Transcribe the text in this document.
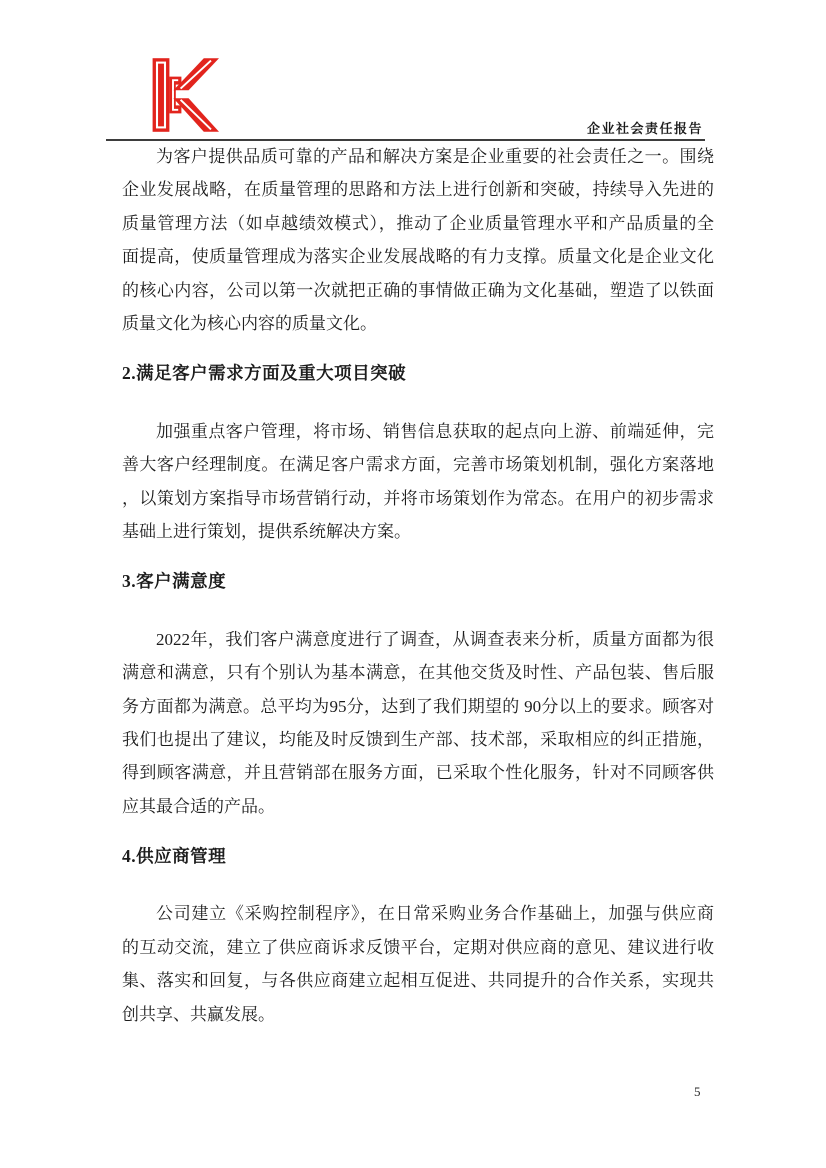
企业社会责任报告
为客户提供品质可靠的产品和解决方案是企业重要的社会责任之一。围绕
企业发展战略，在质量管理的思路和方法上进行创新和突破，持续导入先进的
质量管理方法（如卓越绩效模式），推动了企业质量管理水平和产品质量的全
面提高，使质量管理成为落实企业发展战略的有力支撑。质量文化是企业文化
的核心内容，公司以第一次就把正确的事情做正确为文化基础，塑造了以铁面
质量文化为核心内容的质量文化。
2.满足客户需求方面及重大项目突破
加强重点客户管理，将市场、销售信息获取的起点向上游、前端延伸，完
善大客户经理制度。在满足客户需求方面，完善市场策划机制，强化方案落地
，以策划方案指导市场营销行动，并将市场策划作为常态。在用户的初步需求
基础上进行策划，提供系统解决方案。
3.客户满意度
2022年，我们客户满意度进行了调查，从调查表来分析，质量方面都为很
满意和满意，只有个别认为基本满意，在其他交货及时性、产品包装、售后服
务方面都为满意。总平均为95分，达到了我们期望的 90分以上的要求。顾客对
我们也提出了建议，均能及时反馈到生产部、技术部，采取相应的纠正措施，
得到顾客满意，并且营销部在服务方面，已采取个性化服务，针对不同顾客供
应其最合适的产品。
4.供应商管理
公司建立《采购控制程序》，在日常采购业务合作基础上，加强与供应商
的互动交流，建立了供应商诉求反馈平台，定期对供应商的意见、建议进行收
集、落实和回复，与各供应商建立起相互促进、共同提升的合作关系，实现共
创共享、共赢发展。
5
